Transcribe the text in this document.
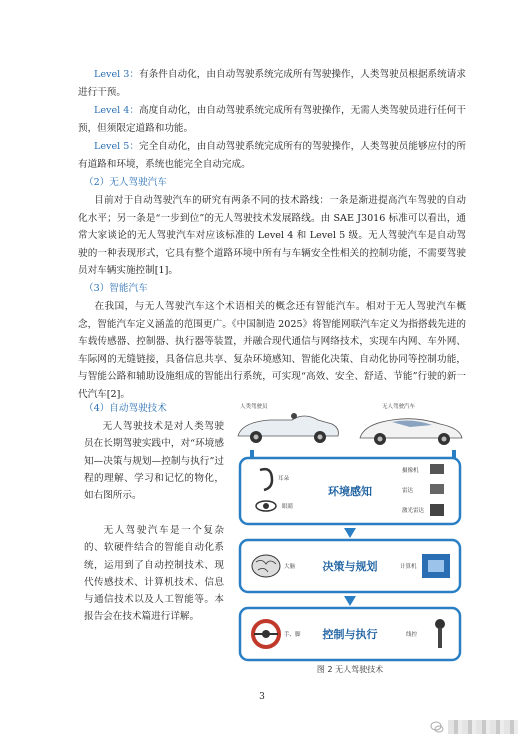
Level 3：有条件自动化，由自动驾驶系统完成所有驾驶操作，人类驾驶员根据系统请求进行干预。

Level 4：高度自动化，由自动驾驶系统完成所有驾驶操作，无需人类驾驶员进行任何干预，但须限定道路和功能。

Level 5：完全自动化，由自动驾驶系统完成所有的驾驶操作，人类驾驶员能够应付的所有道路和环境，系统也能完全自动完成。

（2）无人驾驶汽车

目前对于自动驾驶汽车的研究有两条不同的技术路线：一条是渐进提高汽车驾驶的自动化水平；另一条是“一步到位”的无人驾驶技术发展路线。由 SAE J3016 标准可以看出，通常大家谈论的无人驾驶汽车对应该标准的 Level 4 和 Level 5 级。无人驾驶汽车是自动驾驶的一种表现形式，它具有整个道路环境中所有与车辆安全性相关的控制功能，不需要驾驶员对车辆实施控制[1]。

（3）智能汽车

在我国，与无人驾驶汽车这个术语相关的概念还有智能汽车。相对于无人驾驶汽车概念，智能汽车定义涵盖的范围更广。《中国制造 2025》将智能网联汽车定义为指搭载先进的车载传感器、控制器、执行器等装置，并融合现代通信与网络技术，实现车内网、车外网、车际网的无缝链接，具备信息共享、复杂环境感知、智能化决策、自动化协同等控制功能，与智能公路和辅助设施组成的智能出行系统，可实现“高效、安全、舒适、节能”行驶的新一代汽车[2]。

（4）自动驾驶技术

无人驾驶技术是对人类驾驶员在长期驾驶实践中，对“环境感知—决策与规划—控制与执行”过程的理解、学习和记忆的物化，如右图所示。

无人驾驶汽车是一个复杂的、软硬件结合的智能自动化系统，运用到了自动控制技术、现代传感技术、计算机技术、信息与通信技术以及人工智能等。本报告会在技术篇进行详解。

人类驾驶员	无人驾驶汽车
耳朵
眼睛
环境感知
摄像机
雷达
激光雷达
大脑 决策与规划	计算机
手、脚 控制与执行	线控
图 2 无人驾驶技术
3
